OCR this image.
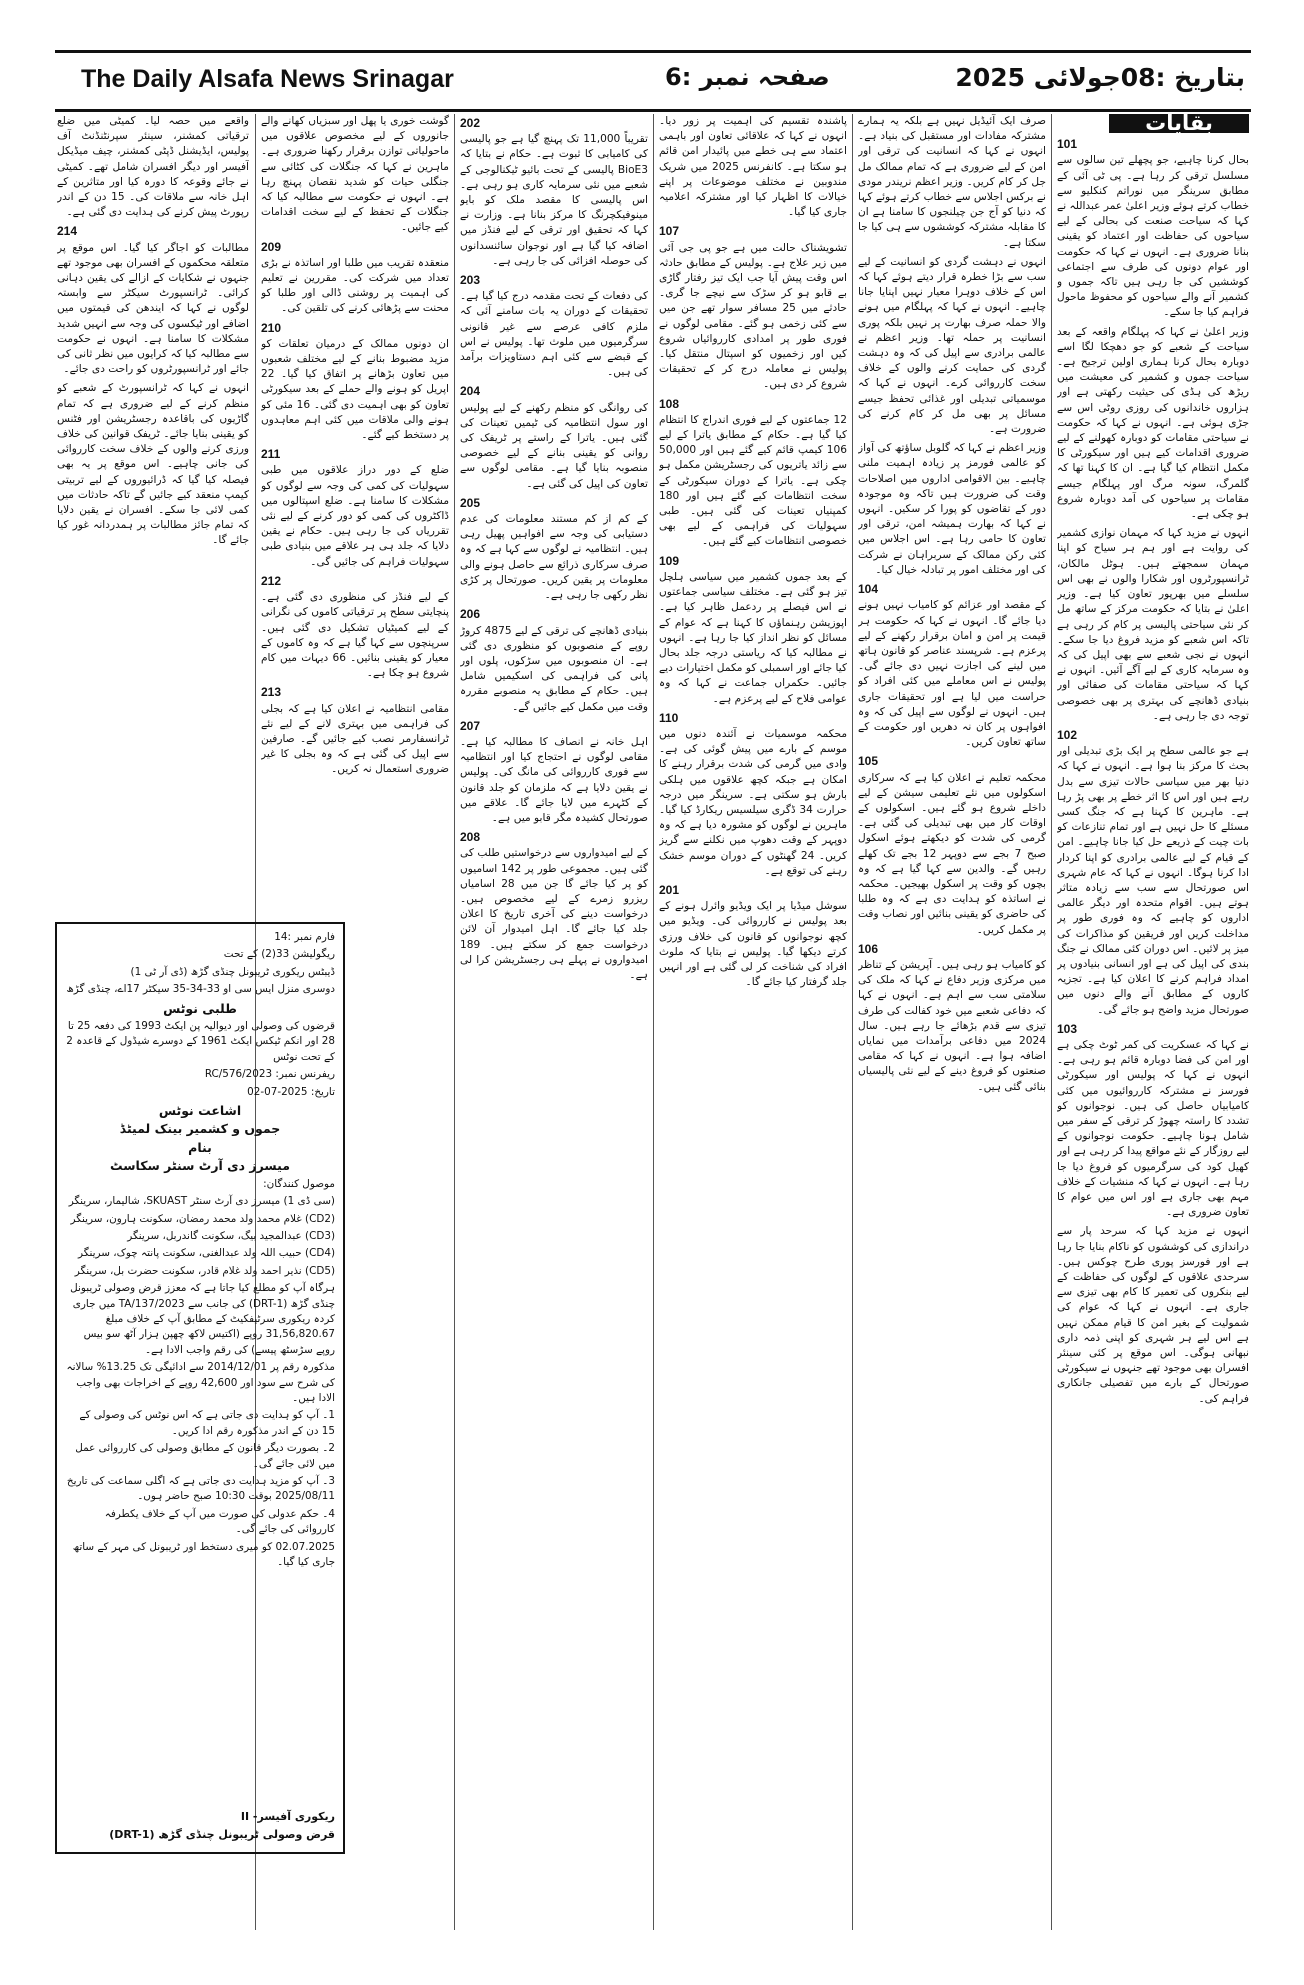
The Daily Alsafa News Srinagar	صفحہ نمبر :6	بتاریخ :08جولائی 2025
بقایات
101
بحال کرنا چاہیے، جو پچھلے تین سالوں سے مسلسل ترقی کر رہا ہے۔ پی ٹی آئی کے مطابق سرینگر میں نوراتم کنکلیو سے خطاب کرتے ہوئے وزیر اعلیٰ عمر عبداللہ نے کہا کہ سیاحت صنعت کی بحالی کے لیے سیاحوں کی حفاظت اور اعتماد کو یقینی بنانا ضروری ہے۔ انہوں نے کہا کہ حکومت اور عوام دونوں کی طرف سے اجتماعی کوششیں کی جا رہی ہیں تاکہ جموں و کشمیر آنے والے سیاحوں کو محفوظ ماحول فراہم کیا جا سکے۔
وزیر اعلیٰ نے کہا کہ پہلگام واقعہ کے بعد سیاحت کے شعبے کو جو دھچکا لگا اسے دوبارہ بحال کرنا ہماری اولین ترجیح ہے۔ سیاحت جموں و کشمیر کی معیشت میں ریڑھ کی ہڈی کی حیثیت رکھتی ہے اور ہزاروں خاندانوں کی روزی روٹی اس سے جڑی ہوئی ہے۔ انہوں نے کہا کہ حکومت نے سیاحتی مقامات کو دوبارہ کھولنے کے لیے ضروری اقدامات کیے ہیں اور سیکورٹی کا مکمل انتظام کیا گیا ہے۔ ان کا کہنا تھا کہ گلمرگ، سونہ مرگ اور پہلگام جیسے مقامات پر سیاحوں کی آمد دوبارہ شروع ہو چکی ہے۔
انہوں نے مزید کہا کہ مہمان نوازی کشمیر کی روایت ہے اور ہم ہر سیاح کو اپنا مہمان سمجھتے ہیں۔ ہوٹل مالکان، ٹرانسپورٹروں اور شکارا والوں نے بھی اس سلسلے میں بھرپور تعاون کیا ہے۔ وزیر اعلیٰ نے بتایا کہ حکومت مرکز کے ساتھ مل کر نئی سیاحتی پالیسی پر کام کر رہی ہے تاکہ اس شعبے کو مزید فروغ دیا جا سکے۔ انہوں نے نجی شعبے سے بھی اپیل کی کہ وہ سرمایہ کاری کے لیے آگے آئیں۔ انہوں نے کہا کہ سیاحتی مقامات کی صفائی اور بنیادی ڈھانچے کی بہتری پر بھی خصوصی توجہ دی جا رہی ہے۔
102
ہے جو عالمی سطح پر ایک بڑی تبدیلی اور بحث کا مرکز بنا ہوا ہے۔ انہوں نے کہا کہ دنیا بھر میں سیاسی حالات تیزی سے بدل رہے ہیں اور اس کا اثر خطے پر بھی پڑ رہا ہے۔ ماہرین کا کہنا ہے کہ جنگ کسی مسئلے کا حل نہیں ہے اور تمام تنازعات کو بات چیت کے ذریعے حل کیا جانا چاہیے۔ امن کے قیام کے لیے عالمی برادری کو اپنا کردار ادا کرنا ہوگا۔ انہوں نے کہا کہ عام شہری اس صورتحال سے سب سے زیادہ متاثر ہوتے ہیں۔ اقوام متحدہ اور دیگر عالمی اداروں کو چاہیے کہ وہ فوری طور پر مداخلت کریں اور فریقین کو مذاکرات کی میز پر لائیں۔ اس دوران کئی ممالک نے جنگ بندی کی اپیل کی ہے اور انسانی بنیادوں پر امداد فراہم کرنے کا اعلان کیا ہے۔ تجزیہ کاروں کے مطابق آنے والے دنوں میں صورتحال مزید واضح ہو جائے گی۔
103
نے کہا کہ عسکریت کی کمر ٹوٹ چکی ہے اور امن کی فضا دوبارہ قائم ہو رہی ہے۔ انہوں نے کہا کہ پولیس اور سیکورٹی فورسز نے مشترکہ کارروائیوں میں کئی کامیابیاں حاصل کی ہیں۔ نوجوانوں کو تشدد کا راستہ چھوڑ کر ترقی کے سفر میں شامل ہونا چاہیے۔ حکومت نوجوانوں کے لیے روزگار کے نئے مواقع پیدا کر رہی ہے اور کھیل کود کی سرگرمیوں کو فروغ دیا جا رہا ہے۔ انہوں نے کہا کہ منشیات کے خلاف مہم بھی جاری ہے اور اس میں عوام کا تعاون ضروری ہے۔
انہوں نے مزید کہا کہ سرحد پار سے دراندازی کی کوششوں کو ناکام بنایا جا رہا ہے اور فورسز پوری طرح چوکس ہیں۔ سرحدی علاقوں کے لوگوں کی حفاظت کے لیے بنکروں کی تعمیر کا کام بھی تیزی سے جاری ہے۔ انہوں نے کہا کہ عوام کی شمولیت کے بغیر امن کا قیام ممکن نہیں ہے اس لیے ہر شہری کو اپنی ذمہ داری نبھانی ہوگی۔ اس موقع پر کئی سینئر افسران بھی موجود تھے جنہوں نے سیکورٹی صورتحال کے بارے میں تفصیلی جانکاری فراہم کی۔
صرف ایک آئیڈیل نہیں ہے بلکہ یہ ہمارے مشترکہ مفادات اور مستقبل کی بنیاد ہے۔ انہوں نے کہا کہ انسانیت کی ترقی اور امن کے لیے ضروری ہے کہ تمام ممالک مل جل کر کام کریں۔ وزیر اعظم نریندر مودی نے برکس اجلاس سے خطاب کرتے ہوئے کہا کہ دنیا کو آج جن چیلنجوں کا سامنا ہے ان کا مقابلہ مشترکہ کوششوں سے ہی کیا جا سکتا ہے۔
انہوں نے دہشت گردی کو انسانیت کے لیے سب سے بڑا خطرہ قرار دیتے ہوئے کہا کہ اس کے خلاف دوہرا معیار نہیں اپنایا جانا چاہیے۔ انہوں نے کہا کہ پہلگام میں ہونے والا حملہ صرف بھارت پر نہیں بلکہ پوری انسانیت پر حملہ تھا۔ وزیر اعظم نے عالمی برادری سے اپیل کی کہ وہ دہشت گردی کی حمایت کرنے والوں کے خلاف سخت کارروائی کرے۔ انہوں نے کہا کہ موسمیاتی تبدیلی اور غذائی تحفظ جیسے مسائل پر بھی مل کر کام کرنے کی ضرورت ہے۔
وزیر اعظم نے کہا کہ گلوبل ساؤتھ کی آواز کو عالمی فورمز پر زیادہ اہمیت ملنی چاہیے۔ بین الاقوامی اداروں میں اصلاحات وقت کی ضرورت ہیں تاکہ وہ موجودہ دور کے تقاضوں کو پورا کر سکیں۔ انہوں نے کہا کہ بھارت ہمیشہ امن، ترقی اور تعاون کا حامی رہا ہے۔ اس اجلاس میں کئی رکن ممالک کے سربراہان نے شرکت کی اور مختلف امور پر تبادلہ خیال کیا۔
104
کے مقصد اور عزائم کو کامیاب نہیں ہونے دیا جائے گا۔ انہوں نے کہا کہ حکومت ہر قیمت پر امن و امان برقرار رکھنے کے لیے پرعزم ہے۔ شرپسند عناصر کو قانون ہاتھ میں لینے کی اجازت نہیں دی جائے گی۔ پولیس نے اس معاملے میں کئی افراد کو حراست میں لیا ہے اور تحقیقات جاری ہیں۔ انہوں نے لوگوں سے اپیل کی کہ وہ افواہوں پر کان نہ دھریں اور حکومت کے ساتھ تعاون کریں۔
105
محکمہ تعلیم نے اعلان کیا ہے کہ سرکاری اسکولوں میں نئے تعلیمی سیشن کے لیے داخلے شروع ہو گئے ہیں۔ اسکولوں کے اوقات کار میں بھی تبدیلی کی گئی ہے۔ گرمی کی شدت کو دیکھتے ہوئے اسکول صبح 7 بجے سے دوپہر 12 بجے تک کھلے رہیں گے۔ والدین سے کہا گیا ہے کہ وہ بچوں کو وقت پر اسکول بھیجیں۔ محکمہ نے اساتذہ کو ہدایت دی ہے کہ وہ طلبا کی حاضری کو یقینی بنائیں اور نصاب وقت پر مکمل کریں۔
106
کو کامیاب ہو رہی ہیں۔ آپریشن کے تناظر میں مرکزی وزیر دفاع نے کہا کہ ملک کی سلامتی سب سے اہم ہے۔ انہوں نے کہا کہ دفاعی شعبے میں خود کفالت کی طرف تیزی سے قدم بڑھائے جا رہے ہیں۔ سال 2024 میں دفاعی برآمدات میں نمایاں اضافہ ہوا ہے۔ انہوں نے کہا کہ مقامی صنعتوں کو فروغ دینے کے لیے نئی پالیسیاں بنائی گئی ہیں۔
پاشندہ تقسیم کی اہمیت پر زور دیا۔ انہوں نے کہا کہ علاقائی تعاون اور باہمی اعتماد سے ہی خطے میں پائیدار امن قائم ہو سکتا ہے۔ کانفرنس 2025 میں شریک مندوبین نے مختلف موضوعات پر اپنے خیالات کا اظہار کیا اور مشترکہ اعلامیہ جاری کیا گیا۔
107
تشویشناک حالت میں ہے جو پی جی آئی میں زیر علاج ہے۔ پولیس کے مطابق حادثہ اس وقت پیش آیا جب ایک تیز رفتار گاڑی بے قابو ہو کر سڑک سے نیچے جا گری۔ حادثے میں 25 مسافر سوار تھے جن میں سے کئی زخمی ہو گئے۔ مقامی لوگوں نے فوری طور پر امدادی کارروائیاں شروع کیں اور زخمیوں کو اسپتال منتقل کیا۔ پولیس نے معاملہ درج کر کے تحقیقات شروع کر دی ہیں۔
108
12 جماعتوں کے لیے فوری اندراج کا انتظام کیا گیا ہے۔ حکام کے مطابق یاترا کے لیے 106 کیمپ قائم کیے گئے ہیں اور 50,000 سے زائد یاتریوں کی رجسٹریشن مکمل ہو چکی ہے۔ یاترا کے دوران سیکورٹی کے سخت انتظامات کیے گئے ہیں اور 180 کمپنیاں تعینات کی گئی ہیں۔ طبی سہولیات کی فراہمی کے لیے بھی خصوصی انتظامات کیے گئے ہیں۔
109
کے بعد جموں کشمیر میں سیاسی ہلچل تیز ہو گئی ہے۔ مختلف سیاسی جماعتوں نے اس فیصلے پر ردعمل ظاہر کیا ہے۔ اپوزیشن رہنماؤں کا کہنا ہے کہ عوام کے مسائل کو نظر انداز کیا جا رہا ہے۔ انہوں نے مطالبہ کیا کہ ریاستی درجہ جلد بحال کیا جائے اور اسمبلی کو مکمل اختیارات دیے جائیں۔ حکمراں جماعت نے کہا کہ وہ عوامی فلاح کے لیے پرعزم ہے۔
110
محکمہ موسمیات نے آئندہ دنوں میں موسم کے بارے میں پیش گوئی کی ہے۔ وادی میں گرمی کی شدت برقرار رہنے کا امکان ہے جبکہ کچھ علاقوں میں ہلکی بارش ہو سکتی ہے۔ سرینگر میں درجہ حرارت 34 ڈگری سیلسیس ریکارڈ کیا گیا۔ ماہرین نے لوگوں کو مشورہ دیا ہے کہ وہ دوپہر کے وقت دھوپ میں نکلنے سے گریز کریں۔ 24 گھنٹوں کے دوران موسم خشک رہنے کی توقع ہے۔
201
سوشل میڈیا پر ایک ویڈیو وائرل ہونے کے بعد پولیس نے کارروائی کی۔ ویڈیو میں کچھ نوجوانوں کو قانون کی خلاف ورزی کرتے دیکھا گیا۔ پولیس نے بتایا کہ ملوث افراد کی شناخت کر لی گئی ہے اور انہیں جلد گرفتار کیا جائے گا۔
202
تقریباً 11,000 تک پہنچ گیا ہے جو پالیسی کی کامیابی کا ثبوت ہے۔ حکام نے بتایا کہ BioE3 پالیسی کے تحت بائیو ٹیکنالوجی کے شعبے میں نئی سرمایہ کاری ہو رہی ہے۔ اس پالیسی کا مقصد ملک کو بایو مینوفیکچرنگ کا مرکز بنانا ہے۔ وزارت نے کہا کہ تحقیق اور ترقی کے لیے فنڈز میں اضافہ کیا گیا ہے اور نوجوان سائنسدانوں کی حوصلہ افزائی کی جا رہی ہے۔
203
کی دفعات کے تحت مقدمہ درج کیا گیا ہے۔ تحقیقات کے دوران یہ بات سامنے آئی کہ ملزم کافی عرصے سے غیر قانونی سرگرمیوں میں ملوث تھا۔ پولیس نے اس کے قبضے سے کئی اہم دستاویزات برآمد کی ہیں۔
204
کی روانگی کو منظم رکھنے کے لیے پولیس اور سول انتظامیہ کی ٹیمیں تعینات کی گئی ہیں۔ یاترا کے راستے پر ٹریفک کی روانی کو یقینی بنانے کے لیے خصوصی منصوبہ بنایا گیا ہے۔ مقامی لوگوں سے تعاون کی اپیل کی گئی ہے۔
205
کے کم از کم مستند معلومات کی عدم دستیابی کی وجہ سے افواہیں پھیل رہی ہیں۔ انتظامیہ نے لوگوں سے کہا ہے کہ وہ صرف سرکاری ذرائع سے حاصل ہونے والی معلومات پر یقین کریں۔ صورتحال پر کڑی نظر رکھی جا رہی ہے۔
206
بنیادی ڈھانچے کی ترقی کے لیے 4875 کروڑ روپے کے منصوبوں کو منظوری دی گئی ہے۔ ان منصوبوں میں سڑکوں، پلوں اور پانی کی فراہمی کی اسکیمیں شامل ہیں۔ حکام کے مطابق یہ منصوبے مقررہ وقت میں مکمل کیے جائیں گے۔
207
اہل خانہ نے انصاف کا مطالبہ کیا ہے۔ مقامی لوگوں نے احتجاج کیا اور انتظامیہ سے فوری کارروائی کی مانگ کی۔ پولیس نے یقین دلایا ہے کہ ملزمان کو جلد قانون کے کٹہرے میں لایا جائے گا۔ علاقے میں صورتحال کشیدہ مگر قابو میں ہے۔
208
کے لیے امیدواروں سے درخواستیں طلب کی گئی ہیں۔ مجموعی طور پر 142 اسامیوں کو پر کیا جائے گا جن میں 28 اسامیاں ریزرو زمرے کے لیے مخصوص ہیں۔ درخواست دینے کی آخری تاریخ کا اعلان جلد کیا جائے گا۔ اہل امیدوار آن لائن درخواست جمع کر سکتے ہیں۔ 189 امیدواروں نے پہلے ہی رجسٹریشن کرا لی ہے۔
گوشت خوری یا پھل اور سبزیاں کھانے والے جانوروں کے لیے مخصوص علاقوں میں ماحولیاتی توازن برقرار رکھنا ضروری ہے۔ ماہرین نے کہا کہ جنگلات کی کٹائی سے جنگلی حیات کو شدید نقصان پہنچ رہا ہے۔ انہوں نے حکومت سے مطالبہ کیا کہ جنگلات کے تحفظ کے لیے سخت اقدامات کیے جائیں۔
209
منعقدہ تقریب میں طلبا اور اساتذہ نے بڑی تعداد میں شرکت کی۔ مقررین نے تعلیم کی اہمیت پر روشنی ڈالی اور طلبا کو محنت سے پڑھائی کرنے کی تلقین کی۔
210
ان دونوں ممالک کے درمیان تعلقات کو مزید مضبوط بنانے کے لیے مختلف شعبوں میں تعاون بڑھانے پر اتفاق کیا گیا۔ 22 اپریل کو ہونے والے حملے کے بعد سیکورٹی تعاون کو بھی اہمیت دی گئی۔ 16 مئی کو ہونے والی ملاقات میں کئی اہم معاہدوں پر دستخط کیے گئے۔
211
ضلع کے دور دراز علاقوں میں طبی سہولیات کی کمی کی وجہ سے لوگوں کو مشکلات کا سامنا ہے۔ ضلع اسپتالوں میں ڈاکٹروں کی کمی کو دور کرنے کے لیے نئی تقرریاں کی جا رہی ہیں۔ حکام نے یقین دلایا کہ جلد ہی ہر علاقے میں بنیادی طبی سہولیات فراہم کی جائیں گی۔
212
کے لیے فنڈز کی منظوری دی گئی ہے۔ پنچایتی سطح پر ترقیاتی کاموں کی نگرانی کے لیے کمیٹیاں تشکیل دی گئی ہیں۔ سرپنچوں سے کہا گیا ہے کہ وہ کاموں کے معیار کو یقینی بنائیں۔ 66 دیہات میں کام شروع ہو چکا ہے۔
213
مقامی انتظامیہ نے اعلان کیا ہے کہ بجلی کی فراہمی میں بہتری لانے کے لیے نئے ٹرانسفارمر نصب کیے جائیں گے۔ صارفین سے اپیل کی گئی ہے کہ وہ بجلی کا غیر ضروری استعمال نہ کریں۔
واقعے میں حصہ لیا۔ کمیٹی میں ضلع ترقیاتی کمشنر، سینئر سپرنٹنڈنٹ آف پولیس، ایڈیشنل ڈپٹی کمشنر، چیف میڈیکل آفیسر اور دیگر افسران شامل تھے۔ کمیٹی نے جائے وقوعہ کا دورہ کیا اور متاثرین کے اہل خانہ سے ملاقات کی۔ 15 دن کے اندر رپورٹ پیش کرنے کی ہدایت دی گئی ہے۔
214
مطالبات کو اجاگر کیا گیا۔ اس موقع پر متعلقہ محکموں کے افسران بھی موجود تھے جنہوں نے شکایات کے ازالے کی یقین دہانی کرائی۔ ٹرانسپورٹ سیکٹر سے وابستہ لوگوں نے کہا کہ ایندھن کی قیمتوں میں اضافے اور ٹیکسوں کی وجہ سے انہیں شدید مشکلات کا سامنا ہے۔ انہوں نے حکومت سے مطالبہ کیا کہ کرایوں میں نظر ثانی کی جائے اور ٹرانسپورٹروں کو راحت دی جائے۔
انہوں نے کہا کہ ٹرانسپورٹ کے شعبے کو منظم کرنے کے لیے ضروری ہے کہ تمام گاڑیوں کی باقاعدہ رجسٹریشن اور فٹنس کو یقینی بنایا جائے۔ ٹریفک قوانین کی خلاف ورزی کرنے والوں کے خلاف سخت کارروائی کی جانی چاہیے۔ اس موقع پر یہ بھی فیصلہ کیا گیا کہ ڈرائیوروں کے لیے تربیتی کیمپ منعقد کیے جائیں گے تاکہ حادثات میں کمی لائی جا سکے۔ افسران نے یقین دلایا کہ تمام جائز مطالبات پر ہمدردانہ غور کیا جائے گا۔
فارم نمبر :14
ریگولیشن 33(2) کے تحت
ڈیبٹس ریکوری ٹریبونل چنڈی گڑھ (ڈی آر ٹی 1)
دوسری منزل ایس سی او 33-34-35 سیکٹر 17اے، چنڈی گڑھ
طلبی نوٹس
قرضوں کی وصولی اور دیوالیہ پن ایکٹ 1993 کی دفعہ 25 تا 28 اور انکم ٹیکس ایکٹ 1961 کے دوسرے شیڈول کے قاعدہ 2 کے تحت نوٹس
ریفرنس نمبر: RC/576/2023
تاریخ: 2025-07-02
اشاعت نوٹس
جموں و کشمیر بینک لمیٹڈ
بنام
میسرز دی آرٹ سنٹر سکاسٹ
موصول کنندگان:
(سی ڈی 1) میسرز دی آرٹ سنٹر SKUAST، شالیمار، سرینگر
(CD2) غلام محمد ولد محمد رمضان، سکونت ہارون، سرینگر
(CD3) عبدالمجید بیگ، سکونت گاندربل، سرینگر
(CD4) حبیب اللہ ولد عبدالغنی، سکونت پانتہ چوک، سرینگر
(CD5) نذیر احمد ولد غلام قادر، سکونت حضرت بل، سرینگر
ہرگاہ آپ کو مطلع کیا جاتا ہے کہ معزز قرض وصولی ٹریبونل چنڈی گڑھ (DRT-1) کی جانب سے TA/137/2023 میں جاری کردہ ریکوری سرٹیفکیٹ کے مطابق آپ کے خلاف مبلغ 31,56,820.67 روپے (اکتیس لاکھ چھپن ہزار آٹھ سو بیس روپے سڑسٹھ پیسے) کی رقم واجب الادا ہے۔
مذکورہ رقم پر 2014/12/01 سے ادائیگی تک 13.25% سالانہ کی شرح سے سود اور 42,600 روپے کے اخراجات بھی واجب الادا ہیں۔
1۔ آپ کو ہدایت دی جاتی ہے کہ اس نوٹس کی وصولی کے 15 دن کے اندر مذکورہ رقم ادا کریں۔
2۔ بصورت دیگر قانون کے مطابق وصولی کی کارروائی عمل میں لائی جائے گی۔
3۔ آپ کو مزید ہدایت دی جاتی ہے کہ اگلی سماعت کی تاریخ 2025/08/11 بوقت 10:30 صبح حاضر ہوں۔
4۔ حکم عدولی کی صورت میں آپ کے خلاف یکطرفہ کارروائی کی جائے گی۔
02.07.2025 کو میری دستخط اور ٹریبونل کی مہر کے ساتھ جاری کیا گیا۔
ریکوری آفیسر- II
قرض وصولی ٹریبونل چنڈی گڑھ (DRT-1)
